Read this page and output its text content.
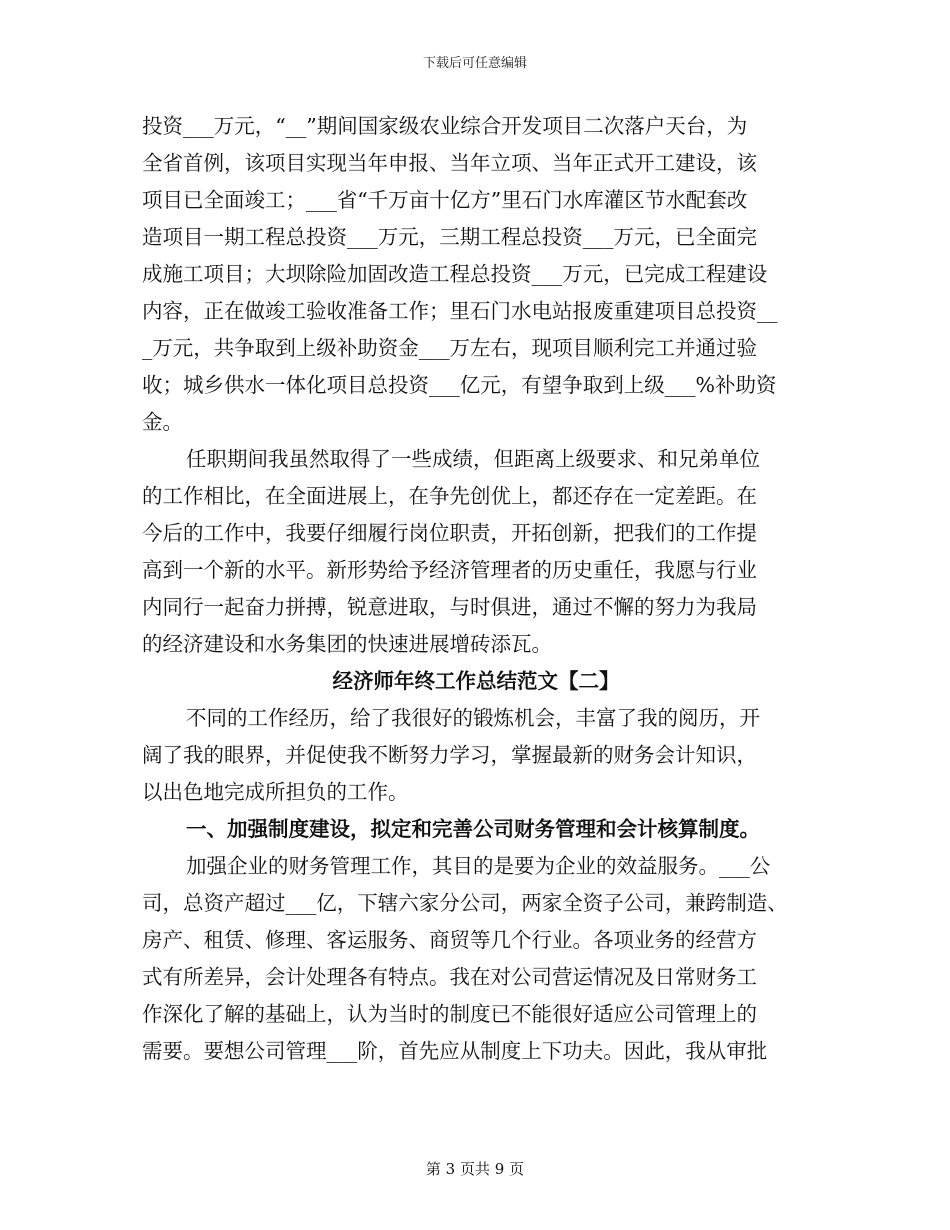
下载后可任意编辑
投资___万元，“__”期间国家级农业综合开发项目二次落户天台，为
全省首例，该项目实现当年申报、当年立项、当年正式开工建设，该
项目已全面竣工；___省“千万亩十亿方”里石门水库灌区节水配套改
造项目一期工程总投资___万元，三期工程总投资___万元，已全面完
成施工项目；大坝除险加固改造工程总投资___万元，已完成工程建设
内容，正在做竣工验收准备工作；里石门水电站报废重建项目总投资__
_万元，共争取到上级补助资金___万左右，现项目顺利完工并通过验
收；城乡供水一体化项目总投资___亿元，有望争取到上级___%补助资
金。
任职期间我虽然取得了一些成绩，但距离上级要求、和兄弟单位
的工作相比，在全面进展上，在争先创优上，都还存在一定差距。在
今后的工作中，我要仔细履行岗位职责，开拓创新，把我们的工作提
高到一个新的水平。新形势给予经济管理者的历史重任，我愿与行业
内同行一起奋力拼搏，锐意进取，与时俱进，通过不懈的努力为我局
的经济建设和水务集团的快速进展增砖添瓦。
经济师年终工作总结范文【二】
不同的工作经历，给了我很好的锻炼机会，丰富了我的阅历，开
阔了我的眼界，并促使我不断努力学习，掌握最新的财务会计知识，
以出色地完成所担负的工作。
一、加强制度建设，拟定和完善公司财务管理和会计核算制度。
加强企业的财务管理工作，其目的是要为企业的效益服务。___公
司，总资产超过___亿，下辖六家分公司，两家全资子公司，兼跨制造、
房产、租赁、修理、客运服务、商贸等几个行业。各项业务的经营方
式有所差异，会计处理各有特点。我在对公司营运情况及日常财务工
作深化了解的基础上，认为当时的制度已不能很好适应公司管理上的
需要。要想公司管理___阶，首先应从制度上下功夫。因此，我从审批
第 3 页共 9 页
